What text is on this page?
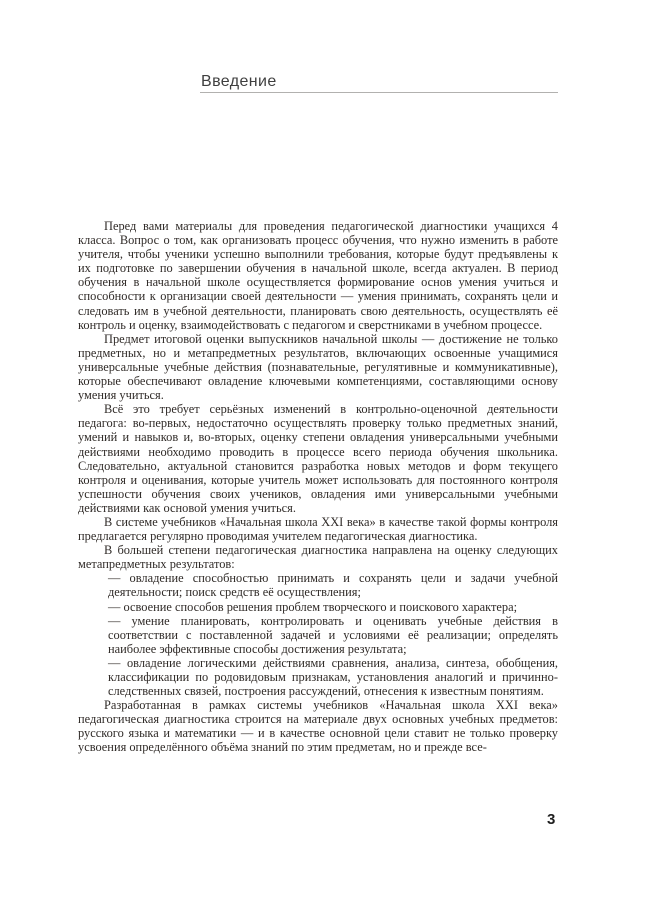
Введение

Перед вами материалы для проведения педагогической диагностики учащихся 4 класса. Вопрос о том, как организовать процесс обучения, что нужно изменить в работе учителя, чтобы ученики успешно выполнили требования, которые будут предъявлены к их подготовке по завершении обучения в начальной школе, всегда актуален. В период обучения в начальной школе осуществляется формирование основ умения учиться и способности к организации своей деятельности — умения принимать, сохранять цели и следовать им в учебной деятельности, планировать свою деятельность, осуществлять её контроль и оценку, взаимодействовать с педагогом и сверстниками в учебном процессе.

Предмет итоговой оценки выпускников начальной школы — достижение не только предметных, но и метапредметных результатов, включающих освоенные учащимися универсальные учебные действия (познавательные, регулятивные и коммуникативные), которые обеспечивают овладение ключевыми компетенциями, составляющими основу умения учиться.

Всё это требует серьёзных изменений в контрольно-оценочной деятельности педагога: во-первых, недостаточно осуществлять проверку только предметных знаний, умений и навыков и, во-вторых, оценку степени овладения универсальными учебными действиями необходимо проводить в процессе всего периода обучения школьника. Следовательно, актуальной становится разработка новых методов и форм текущего контроля и оценивания, которые учитель может использовать для постоянного контроля успешности обучения своих учеников, овладения ими универсальными учебными действиями как основой умения учиться.

В системе учебников «Начальная школа XXI века» в качестве такой формы контроля предлагается регулярно проводимая учителем педагогическая диагностика.

В большей степени педагогическая диагностика направлена на оценку следующих метапредметных результатов:

— овладение способностью принимать и сохранять цели и задачи учебной деятельности; поиск средств её осуществления;

— освоение способов решения проблем творческого и поискового характера;

— умение планировать, контролировать и оценивать учебные действия в соответствии с поставленной задачей и условиями её реализации; определять наиболее эффективные способы достижения результата;

— овладение логическими действиями сравнения, анализа, синтеза, обобщения, классификации по родовидовым признакам, установления аналогий и причинно-следственных связей, построения рассуждений, отнесения к известным понятиям.

Разработанная в рамках системы учебников «Начальная школа XXI века» педагогическая диагностика строится на материале двух основных учебных предметов: русского языка и математики — и в качестве основной цели ставит не только проверку усвоения определённого объёма знаний по этим предметам, но и прежде все-

3
